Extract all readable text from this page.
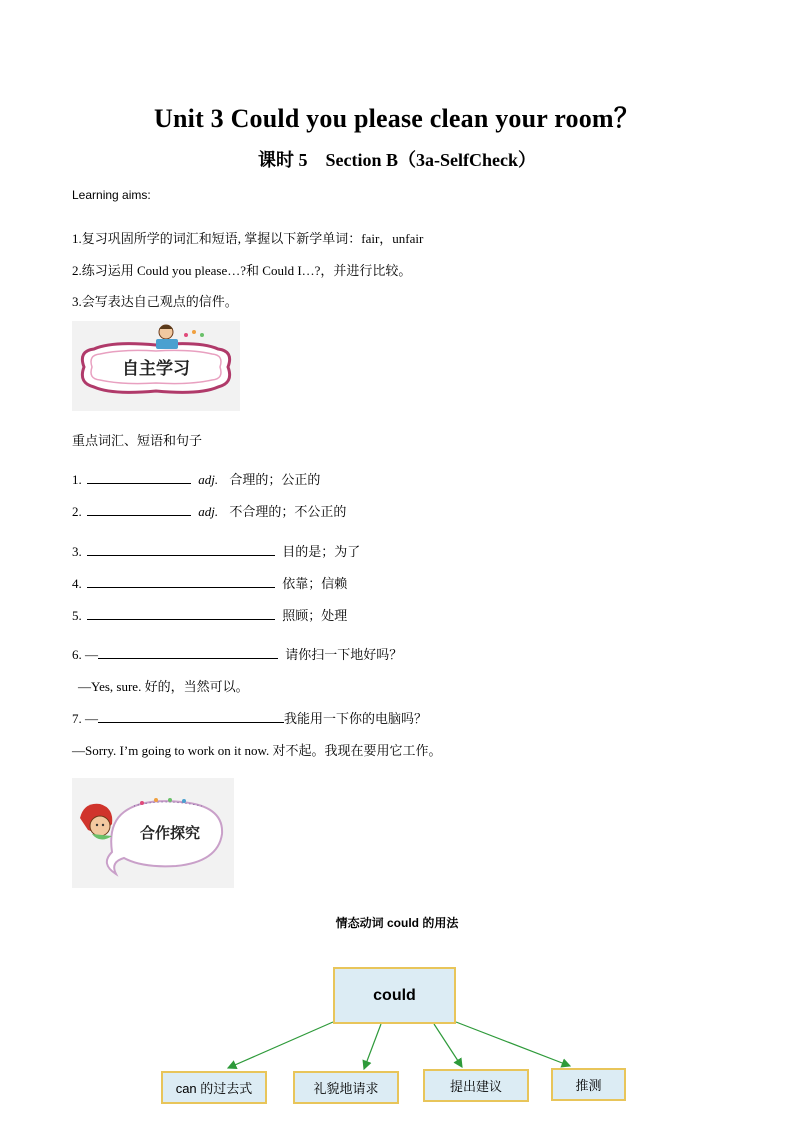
Unit 3 Could you please clean your room？
课时 5　Section B（3a-SelfCheck）
Learning aims:
1.复习巩固所学的词汇和短语, 掌握以下新学单词：fair，unfair
2.练习运用 Could you please…?和 Could I…?，并进行比较。
3.会写表达自己观点的信件。
自主学习
重点词汇、短语和句子
1.	adj. 合理的；公正的
2.	adj. 不合理的；不公正的
3.	目的是；为了
4.	依靠；信赖
5.	照顾；处理
6. —	请你扫一下地好吗？
—Yes, sure. 好的，当然可以。
7. —	我能用一下你的电脑吗？
—Sorry. I’m going to work on it now. 对不起。我现在要用它工作。
合作探究
情态动词 could 的用法
could
can 的过去式	礼貌地请求	提出建议	推测
